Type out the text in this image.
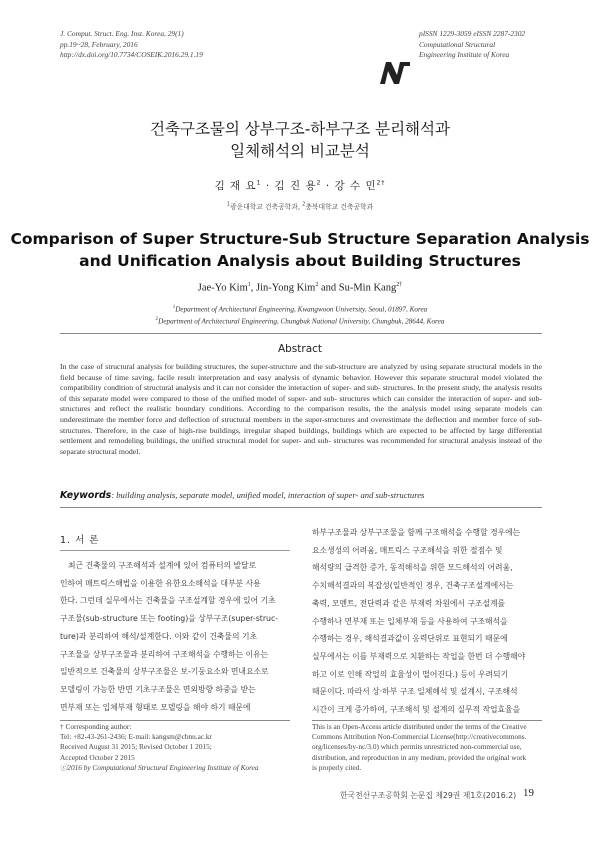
J. Comput. Struct. Eng. Inst. Korea, 29(1)
pp.19~28, February, 2016
http://dx.doi.org/10.7734/COSEIK.2016.29.1.19
pISSN 1229-3059 eISSN 2287-2302
Computational Structural
Engineering Institute of Korea
건축구조물의 상부구조-하부구조 분리해석과
일체해석의 비교분석
김 재 요$^1$ · 김 진 용$^2$ · 강 수 민$^{2\dagger}$
$^1$광운대학교 건축공학과, $^2$충북대학교 건축공학과
Comparison of Super Structure-Sub Structure Separation Analysis
and Unification Analysis about Building Structures
Jae-Yo Kim$^1$, Jin-Yong Kim$^2$ and Su-Min Kang$^{2\dagger}$
$^1$Department of Architectural Engineering, Kwangwoon University, Seoul, 01897, Korea
$^2$Department of Architectural Engineering, Chungbuk National University, Chungbuk, 28644, Korea
Abstract
In the case of structural analysis for building structures, the super-structure and the sub-structure are analyzed by using separate structural models in the field because of time saving, facile result interpretation and easy analysis of dynamic behavior. However this separate structural model violated the compatibility condition of structural analysis and it can not consider the interaction of super- and sub- structures. In the present study, the analysis results of this separate model were compared to those of the unified model of super- and sub- structures which can consider the interaction of super- and sub- structures and reflect the realistic boundary conditions. According to the comparison results, the the analysis model using separate models can underestimate the member force and deflection of structural members in the super-structures and overestimate the deflection and member force of sub-structures. Therefore, in the case of high-rise buildings, irregular shaped buildings, buildings which are expected to be affected by large differential settlement and remodeling buildings, the unified structural model for super- and sub- structures was recommended for structural analysis instead of the separate structural model.
Keywords: building analysis, separate model, unified model, interaction of super- and sub-structures
1. 서 론

최근 건축물의 구조해석과 설계에 있어 컴퓨터의 발달로

인하여 매트릭스해법을 이용한 유한요소해석을 대부분 사용

한다. 그런데 실무에서는 건축물을 구조설계할 경우에 있어 기초

구조물(sub-structure 또는 footing)을 상부구조(super-struc-

ture)과 분리하여 해석/설계한다. 이와 같이 건축물의 기초

구조물을 상부구조물과 분리하여 구조해석을 수행하는 이유는

일반적으로 건축물의 상부구조물은 보-기둥요소와 면내요소로

모델링이 가능한 반면 기초구조물은 면외방향 하중을 받는

면부재 또는 입체부재 형태로 모델링을 해야 하기 때문에

하부구조물과 상부구조물을 함께 구조해석을 수행할 경우에는

요소생성의 어려움, 매트릭스 구조해석을 위한 절점수 및

해석량의 급격한 증가, 동적해석을 위한 모드해석의 어려움,

수치해석결과의 복잡성(일반적인 경우, 건축구조설계에서는

축력, 모멘트, 전단력과 같은 부재력 차원에서 구조설계를

수행하나 면부재 또는 입체부재 등을 사용하여 구조해석을

수행하는 경우, 해석결과값이 응력단위로 표현되기 때문에

실무에서는 이를 부재력으로 치환하는 작업을 한번 더 수행해야

하고 이로 인해 작업의 효율성이 떨어진다.) 등이 우려되기

때문이다. 따라서 상·하부 구조 일체해석 및 설계시, 구조해석

시간이 크게 증가하여, 구조해석 및 설계의 실무적 작업효율을

† Corresponding author:
Tel: +82-43-261-2436; E-mail: kangsm@cbnu.ac.kr
Received August 31 2015; Revised October 1 2015;
Accepted October 2 2015
ⓒ2016 by Computational Structural Engineering Institute of Korea
This is an Open-Access article distributed under the terms of the Creative
Commons Attribution Non-Commercial License(http://creativecommons.
org/licenses/by-nc/3.0) which permits unrestricted non-commercial use,
distribution, and reproduction in any medium, provided the original work
is properly cited.
한국전산구조공학회 논문집 제29권 제1호(2016.2) 19
